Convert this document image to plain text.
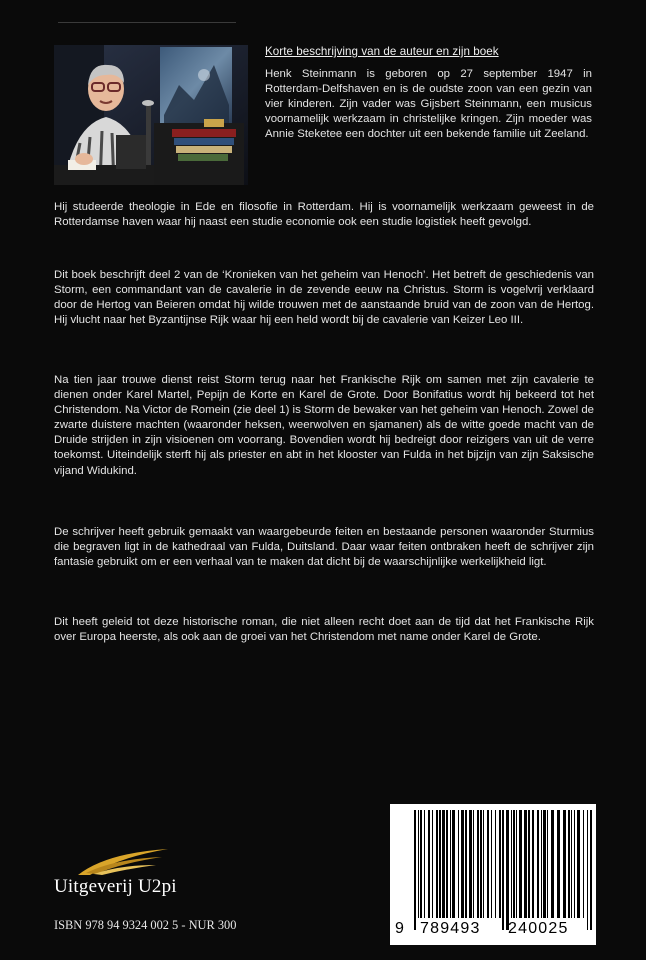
Korte beschrijving van de auteur en zijn boek

Henk Steinmann is geboren op 27 september 1947 in Rotterdam-Delfshaven en is de oudste zoon van een gezin van vier kinderen. Zijn vader was Gijsbert Steinmann, een musicus voornamelijk werkzaam in christelijke kringen. Zijn moeder was Annie Steketee een dochter uit een bekende familie uit Zeeland.

Hij studeerde theologie in Ede en filosofie in Rotterdam. Hij is voornamelijk werkzaam geweest in de Rotterdamse haven waar hij naast een studie economie ook een studie logistiek heeft gevolgd.

Dit boek beschrijft deel 2 van de ‘Kronieken van het geheim van Henoch’. Het betreft de geschiedenis van Storm, een commandant van de cavalerie in de zevende eeuw na Christus. Storm is vogelvrij verklaard door de Hertog van Beieren omdat hij wilde trouwen met de aanstaande bruid van de zoon van de Hertog. Hij vlucht naar het Byzantijnse Rijk waar hij een held wordt bij de cavalerie van Keizer Leo III.

Na tien jaar trouwe dienst reist Storm terug naar het Frankische Rijk om samen met zijn cavalerie te dienen onder Karel Martel, Pepijn de Korte en Karel de Grote. Door Bonifatius wordt hij bekeerd tot het Christendom. Na Victor de Romein (zie deel 1) is Storm de bewaker van het geheim van Henoch. Zowel de zwarte duistere machten (waaronder heksen, weerwolven en sjamanen) als de witte goede macht van de Druide strijden in zijn visioenen om voorrang. Bovendien wordt hij bedreigt door reizigers van uit de verre toekomst. Uiteindelijk sterft hij als priester en abt in het klooster van Fulda in het bijzijn van zijn Saksische vijand Widukind.

De schrijver heeft gebruik gemaakt van waargebeurde feiten en bestaande personen waaronder Sturmius die begraven ligt in de kathedraal van Fulda, Duitsland. Daar waar feiten ontbraken heeft de schrijver zijn fantasie gebruikt om er een verhaal van te maken dat dicht bij de waarschijnlijke werkelijkheid ligt.

Dit heeft geleid tot deze historische roman, die niet alleen recht doet aan de tijd dat het Frankische Rijk over Europa heerste, als ook aan de groei van het Christendom met name onder Karel de Grote.

Uitgeverij U2pi
ISBN 978 94 9324 002 5 - NUR 300	9 789493 240025
